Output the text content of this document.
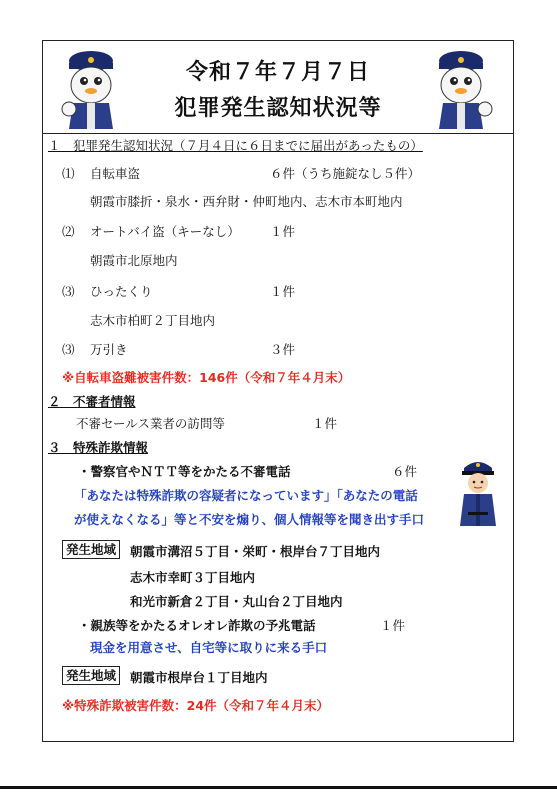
令和７年７月７日
犯罪発生認知状況等
１　犯罪発生認知状況（７月４日に６日までに届出があったもの）
⑴ 自転車盗	６件（うち施錠なし５件）
朝霞市膝折・泉水・西弁財・仲町地内、志木市本町地内
⑵ オートバイ盗（キーなし） １件
朝霞市北原地内
⑶ ひったくり	１件
志木市柏町２丁目地内
⑶ 万引き	３件
※自転車盗難被害件数：146件（令和７年４月末）
２　不審者情報
不審セールス業者の訪問等	１件
３　特殊詐欺情報
・警察官やＮＴＴ等をかたる不審電話	６件
「あなたは特殊詐欺の容疑者になっています」「あなたの電話
が使えなくなる」等と不安を煽り、個人情報等を聞き出す手口
発生地域	朝霞市溝沼５丁目・栄町・根岸台７丁目地内
志木市幸町３丁目地内
和光市新倉２丁目・丸山台２丁目地内
・親族等をかたるオレオレ詐欺の予兆電話	１件
現金を用意させ、自宅等に取りに来る手口
発生地域	朝霞市根岸台１丁目地内
※特殊詐欺被害件数：24件（令和７年４月末）
